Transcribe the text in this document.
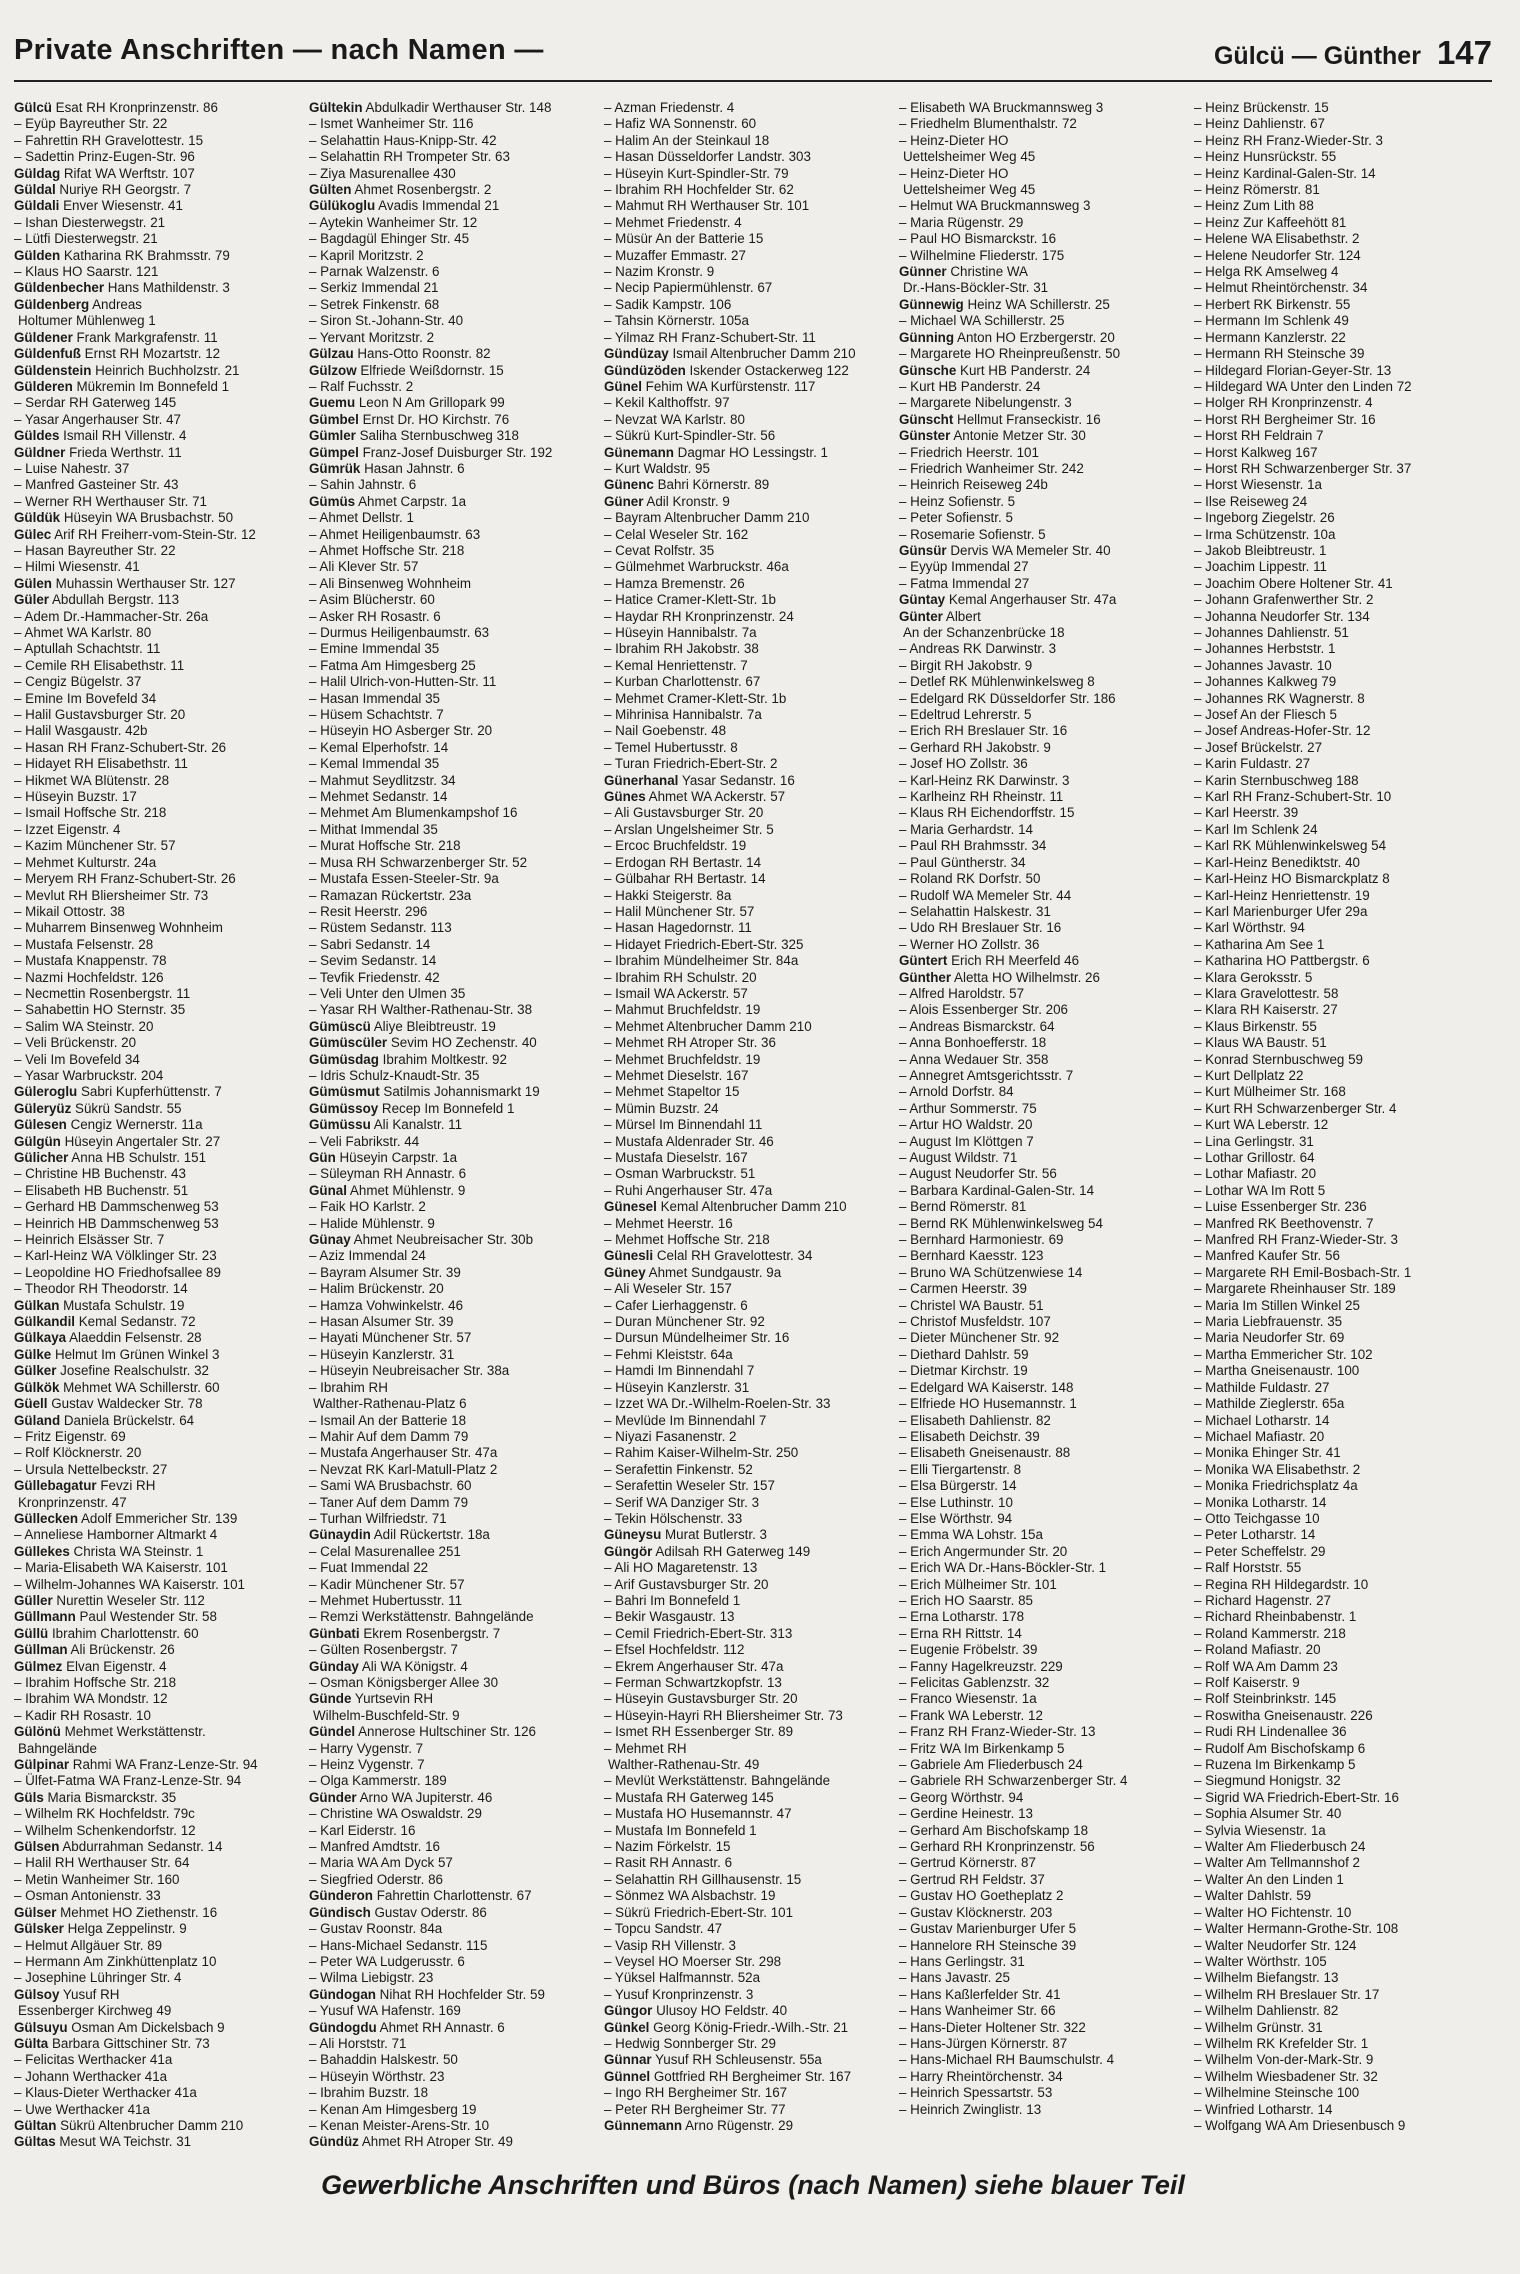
Private Anschriften — nach Namen —	Gülcü — Günther 147
Gülcü Esat RH Kronprinzenstr. 86
– Eyüp Bayreuther Str. 22
– Fahrettin RH Gravelottestr. 15
– Sadettin Prinz-Eugen-Str. 96
Güldag Rifat WA Werftstr. 107
Güldal Nuriye RH Georgstr. 7
Güldali Enver Wiesenstr. 41
– Ishan Diesterwegstr. 21
– Lütfi Diesterwegstr. 21
Gülden Katharina RK Brahmsstr. 79
– Klaus HO Saarstr. 121
Güldenbecher Hans Mathildenstr. 3
Güldenberg Andreas
Holtumer Mühlenweg 1
Güldener Frank Markgrafenstr. 11
Güldenfuß Ernst RH Mozartstr. 12
Güldenstein Heinrich Buchholzstr. 21
Gülderen Mükremin Im Bonnefeld 1
– Serdar RH Gaterweg 145
– Yasar Angerhauser Str. 47
Güldes Ismail RH Villenstr. 4
Güldner Frieda Werthstr. 11
– Luise Nahestr. 37
– Manfred Gasteiner Str. 43
– Werner RH Werthauser Str. 71
Güldük Hüseyin WA Brusbachstr. 50
Gülec Arif RH Freiherr-vom-Stein-Str. 12
– Hasan Bayreuther Str. 22
– Hilmi Wiesenstr. 41
Gülen Muhassin Werthauser Str. 127
Güler Abdullah Bergstr. 113
– Adem Dr.-Hammacher-Str. 26a
– Ahmet WA Karlstr. 80
– Aptullah Schachtstr. 11
– Cemile RH Elisabethstr. 11
– Cengiz Bügelstr. 37
– Emine Im Bovefeld 34
– Halil Gustavsburger Str. 20
– Halil Wasgaustr. 42b
– Hasan RH Franz-Schubert-Str. 26
– Hidayet RH Elisabethstr. 11
– Hikmet WA Blütenstr. 28
– Hüseyin Buzstr. 17
– Ismail Hoffsche Str. 218
– Izzet Eigenstr. 4
– Kazim Münchener Str. 57
– Mehmet Kulturstr. 24a
– Meryem RH Franz-Schubert-Str. 26
– Mevlut RH Bliersheimer Str. 73
– Mikail Ottostr. 38
– Muharrem Binsenweg Wohnheim
– Mustafa Felsenstr. 28
– Mustafa Knappenstr. 78
– Nazmi Hochfeldstr. 126
– Necmettin Rosenbergstr. 11
– Sahabettin HO Sternstr. 35
– Salim WA Steinstr. 20
– Veli Brückenstr. 20
– Veli Im Bovefeld 34
– Yasar Warbruckstr. 204
Güleroglu Sabri Kupferhüttenstr. 7
Güleryüz Sükrü Sandstr. 55
Gülesen Cengiz Wernerstr. 11a
Gülgün Hüseyin Angertaler Str. 27
Gülicher Anna HB Schulstr. 151
– Christine HB Buchenstr. 43
– Elisabeth HB Buchenstr. 51
– Gerhard HB Dammschenweg 53
– Heinrich HB Dammschenweg 53
– Heinrich Elsässer Str. 7
– Karl-Heinz WA Völklinger Str. 23
– Leopoldine HO Friedhofsallee 89
– Theodor RH Theodorstr. 14
Gülkan Mustafa Schulstr. 19
Gülkandil Kemal Sedanstr. 72
Gülkaya Alaeddin Felsenstr. 28
Gülke Helmut Im Grünen Winkel 3
Gülker Josefine Realschulstr. 32
Gülkök Mehmet WA Schillerstr. 60
Güell Gustav Waldecker Str. 78
Güland Daniela Brückelstr. 64
– Fritz Eigenstr. 69
– Rolf Klöcknerstr. 20
– Ursula Nettelbeckstr. 27
Güllebagatur Fevzi RH
Kronprinzenstr. 47
Güllecken Adolf Emmericher Str. 139
– Anneliese Hamborner Altmarkt 4
Güllekes Christa WA Steinstr. 1
– Maria-Elisabeth WA Kaiserstr. 101
– Wilhelm-Johannes WA Kaiserstr. 101
Güller Nurettin Weseler Str. 112
Güllmann Paul Westender Str. 58
Güllü Ibrahim Charlottenstr. 60
Güllman Ali Brückenstr. 26
Gülmez Elvan Eigenstr. 4
– Ibrahim Hoffsche Str. 218
– Ibrahim WA Mondstr. 12
– Kadir RH Rosastr. 10
Gülönü Mehmet Werkstättenstr.
Bahngelände
Gülpinar Rahmi WA Franz-Lenze-Str. 94
– Ülfet-Fatma WA Franz-Lenze-Str. 94
Güls Maria Bismarckstr. 35
– Wilhelm RK Hochfeldstr. 79c
– Wilhelm Schenkendorfstr. 12
Gülsen Abdurrahman Sedanstr. 14
– Halil RH Werthauser Str. 64
– Metin Wanheimer Str. 160
– Osman Antonienstr. 33
Gülser Mehmet HO Ziethenstr. 16
Gülsker Helga Zeppelinstr. 9
– Helmut Allgäuer Str. 89
– Hermann Am Zinkhüttenplatz 10
– Josephine Lühringer Str. 4
Gülsoy Yusuf RH
Essenberger Kirchweg 49
Gülsuyu Osman Am Dickelsbach 9
Gülta Barbara Gittschiner Str. 73
– Felicitas Werthacker 41a
– Johann Werthacker 41a
– Klaus-Dieter Werthacker 41a
– Uwe Werthacker 41a
Gültan Sükrü Altenbrucher Damm 210
Gültas Mesut WA Teichstr. 31
Gültekin Abdulkadir Werthauser Str. 148
– Ismet Wanheimer Str. 116
– Selahattin Haus-Knipp-Str. 42
– Selahattin RH Trompeter Str. 63
– Ziya Masurenallee 430
Gülten Ahmet Rosenbergstr. 2
Gülükoglu Avadis Immendal 21
– Aytekin Wanheimer Str. 12
– Bagdagül Ehinger Str. 45
– Kapril Moritzstr. 2
– Parnak Walzenstr. 6
– Serkiz Immendal 21
– Setrek Finkenstr. 68
– Siron St.-Johann-Str. 40
– Yervant Moritzstr. 2
Gülzau Hans-Otto Roonstr. 82
Gülzow Elfriede Weißdornstr. 15
– Ralf Fuchsstr. 2
Guemu Leon N Am Grillopark 99
Gümbel Ernst Dr. HO Kirchstr. 76
Gümler Saliha Sternbuschweg 318
Gümpel Franz-Josef Duisburger Str. 192
Gümrük Hasan Jahnstr. 6
– Sahin Jahnstr. 6
Gümüs Ahmet Carpstr. 1a
– Ahmet Dellstr. 1
– Ahmet Heiligenbaumstr. 63
– Ahmet Hoffsche Str. 218
– Ali Klever Str. 57
– Ali Binsenweg Wohnheim
– Asim Blücherstr. 60
– Asker RH Rosastr. 6
– Durmus Heiligenbaumstr. 63
– Emine Immendal 35
– Fatma Am Himgesberg 25
– Halil Ulrich-von-Hutten-Str. 11
– Hasan Immendal 35
– Hüsem Schachtstr. 7
– Hüseyin HO Asberger Str. 20
– Kemal Elperhofstr. 14
– Kemal Immendal 35
– Mahmut Seydlitzstr. 34
– Mehmet Sedanstr. 14
– Mehmet Am Blumenkampshof 16
– Mithat Immendal 35
– Murat Hoffsche Str. 218
– Musa RH Schwarzenberger Str. 52
– Mustafa Essen-Steeler-Str. 9a
– Ramazan Rückertstr. 23a
– Resit Heerstr. 296
– Rüstem Sedanstr. 113
– Sabri Sedanstr. 14
– Sevim Sedanstr. 14
– Tevfik Friedenstr. 42
– Veli Unter den Ulmen 35
– Yasar RH Walther-Rathenau-Str. 38
Gümüscü Aliye Bleibtreustr. 19
Gümüscüler Sevim HO Zechenstr. 40
Gümüsdag Ibrahim Moltkestr. 92
– Idris Schulz-Knaudt-Str. 35
Gümüsmut Satilmis Johannismarkt 19
Gümüssoy Recep Im Bonnefeld 1
Gümüssu Ali Kanalstr. 11
– Veli Fabrikstr. 44
Gün Hüseyin Carpstr. 1a
– Süleyman RH Annastr. 6
Günal Ahmet Mühlenstr. 9
– Faik HO Karlstr. 2
– Halide Mühlenstr. 9
Günay Ahmet Neubreisacher Str. 30b
– Aziz Immendal 24
– Bayram Alsumer Str. 39
– Halim Brückenstr. 20
– Hamza Vohwinkelstr. 46
– Hasan Alsumer Str. 39
– Hayati Münchener Str. 57
– Hüseyin Kanzlerstr. 31
– Hüseyin Neubreisacher Str. 38a
– Ibrahim RH
Walther-Rathenau-Platz 6
– Ismail An der Batterie 18
– Mahir Auf dem Damm 79
– Mustafa Angerhauser Str. 47a
– Nevzat RK Karl-Matull-Platz 2
– Sami WA Brusbachstr. 60
– Taner Auf dem Damm 79
– Turhan Wilfriedstr. 71
Günaydin Adil Rückertstr. 18a
– Celal Masurenallee 251
– Fuat Immendal 22
– Kadir Münchener Str. 57
– Mehmet Hubertusstr. 11
– Remzi Werkstättenstr. Bahngelände
Günbati Ekrem Rosenbergstr. 7
– Gülten Rosenbergstr. 7
Günday Ali WA Königstr. 4
– Osman Königsberger Allee 30
Günde Yurtsevin RH
Wilhelm-Buschfeld-Str. 9
Gündel Annerose Hultschiner Str. 126
– Harry Vygenstr. 7
– Heinz Vygenstr. 7
– Olga Kammerstr. 189
Günder Arno WA Jupiterstr. 46
– Christine WA Oswaldstr. 29
– Karl Eiderstr. 16
– Manfred Amdtstr. 16
– Maria WA Am Dyck 57
– Siegfried Oderstr. 86
Günderon Fahrettin Charlottenstr. 67
Gündisch Gustav Oderstr. 86
– Gustav Roonstr. 84a
– Hans-Michael Sedanstr. 115
– Peter WA Ludgerusstr. 6
– Wilma Liebigstr. 23
Gündogan Nihat RH Hochfelder Str. 59
– Yusuf WA Hafenstr. 169
Gündogdu Ahmet RH Annastr. 6
– Ali Horststr. 71
– Bahaddin Halskestr. 50
– Hüseyin Wörthstr. 23
– Ibrahim Buzstr. 18
– Kenan Am Himgesberg 19
– Kenan Meister-Arens-Str. 10
Gündüz Ahmet RH Atroper Str. 49
– Azman Friedenstr. 4
– Hafiz WA Sonnenstr. 60
– Halim An der Steinkaul 18
– Hasan Düsseldorfer Landstr. 303
– Hüseyin Kurt-Spindler-Str. 79
– Ibrahim RH Hochfelder Str. 62
– Mahmut RH Werthauser Str. 101
– Mehmet Friedenstr. 4
– Müsür An der Batterie 15
– Muzaffer Emmastr. 27
– Nazim Kronstr. 9
– Necip Papiermühlenstr. 67
– Sadik Kampstr. 106
– Tahsin Körnerstr. 105a
– Yilmaz RH Franz-Schubert-Str. 11
Gündüzay Ismail Altenbrucher Damm 210
Gündüzöden Iskender Ostackerweg 122
Günel Fehim WA Kurfürstenstr. 117
– Kekil Kalthoffstr. 97
– Nevzat WA Karlstr. 80
– Sükrü Kurt-Spindler-Str. 56
Günemann Dagmar HO Lessingstr. 1
– Kurt Waldstr. 95
Günenc Bahri Körnerstr. 89
Güner Adil Kronstr. 9
– Bayram Altenbrucher Damm 210
– Celal Weseler Str. 162
– Cevat Rolfstr. 35
– Gülmehmet Warbruckstr. 46a
– Hamza Bremenstr. 26
– Hatice Cramer-Klett-Str. 1b
– Haydar RH Kronprinzenstr. 24
– Hüseyin Hannibalstr. 7a
– Ibrahim RH Jakobstr. 38
– Kemal Henriettenstr. 7
– Kurban Charlottenstr. 67
– Mehmet Cramer-Klett-Str. 1b
– Mihrinisa Hannibalstr. 7a
– Nail Goebenstr. 48
– Temel Hubertusstr. 8
– Turan Friedrich-Ebert-Str. 2
Günerhanal Yasar Sedanstr. 16
Günes Ahmet WA Ackerstr. 57
– Ali Gustavsburger Str. 20
– Arslan Ungelsheimer Str. 5
– Ercoc Bruchfeldstr. 19
– Erdogan RH Bertastr. 14
– Gülbahar RH Bertastr. 14
– Hakki Steigerstr. 8a
– Halil Münchener Str. 57
– Hasan Hagedornstr. 11
– Hidayet Friedrich-Ebert-Str. 325
– Ibrahim Mündelheimer Str. 84a
– Ibrahim RH Schulstr. 20
– Ismail WA Ackerstr. 57
– Mahmut Bruchfeldstr. 19
– Mehmet Altenbrucher Damm 210
– Mehmet RH Atroper Str. 36
– Mehmet Bruchfeldstr. 19
– Mehmet Dieselstr. 167
– Mehmet Stapeltor 15
– Mümin Buzstr. 24
– Mürsel Im Binnendahl 11
– Mustafa Aldenrader Str. 46
– Mustafa Dieselstr. 167
– Osman Warbruckstr. 51
– Ruhi Angerhauser Str. 47a
Günesel Kemal Altenbrucher Damm 210
– Mehmet Heerstr. 16
– Mehmet Hoffsche Str. 218
Günesli Celal RH Gravelottestr. 34
Güney Ahmet Sundgaustr. 9a
– Ali Weseler Str. 157
– Cafer Lierhaggenstr. 6
– Duran Münchener Str. 92
– Dursun Mündelheimer Str. 16
– Fehmi Kleiststr. 64a
– Hamdi Im Binnendahl 7
– Hüseyin Kanzlerstr. 31
– Izzet WA Dr.-Wilhelm-Roelen-Str. 33
– Mevlüde Im Binnendahl 7
– Niyazi Fasanenstr. 2
– Rahim Kaiser-Wilhelm-Str. 250
– Serafettin Finkenstr. 52
– Serafettin Weseler Str. 157
– Serif WA Danziger Str. 3
– Tekin Hölschenstr. 33
Güneysu Murat Butlerstr. 3
Güngör Adilsah RH Gaterweg 149
– Ali HO Magaretenstr. 13
– Arif Gustavsburger Str. 20
– Bahri Im Bonnefeld 1
– Bekir Wasgaustr. 13
– Cemil Friedrich-Ebert-Str. 313
– Efsel Hochfeldstr. 112
– Ekrem Angerhauser Str. 47a
– Ferman Schwartzkopfstr. 13
– Hüseyin Gustavsburger Str. 20
– Hüseyin-Hayri RH Bliersheimer Str. 73
– Ismet RH Essenberger Str. 89
– Mehmet RH
Walther-Rathenau-Str. 49
– Mevlüt Werkstättenstr. Bahngelände
– Mustafa RH Gaterweg 145
– Mustafa HO Husemannstr. 47
– Mustafa Im Bonnefeld 1
– Nazim Förkelstr. 15
– Rasit RH Annastr. 6
– Selahattin RH Gillhausenstr. 15
– Sönmez WA Alsbachstr. 19
– Sükrü Friedrich-Ebert-Str. 101
– Topcu Sandstr. 47
– Vasip RH Villenstr. 3
– Veysel HO Moerser Str. 298
– Yüksel Halfmannstr. 52a
– Yusuf Kronprinzenstr. 3
Güngor Ulusoy HO Feldstr. 40
Günkel Georg König-Friedr.-Wilh.-Str. 21
– Hedwig Sonnberger Str. 29
Günnar Yusuf RH Schleusenstr. 55a
Günnel Gottfried RH Bergheimer Str. 167
– Ingo RH Bergheimer Str. 167
– Peter RH Bergheimer Str. 77
Günnemann Arno Rügenstr. 29
– Elisabeth WA Bruckmannsweg 3
– Friedhelm Blumenthalstr. 72
– Heinz-Dieter HO
Uettelsheimer Weg 45
– Heinz-Dieter HO
Uettelsheimer Weg 45
– Helmut WA Bruckmannsweg 3
– Maria Rügenstr. 29
– Paul HO Bismarckstr. 16
– Wilhelmine Fliederstr. 175
Günner Christine WA
Dr.-Hans-Böckler-Str. 31
Günnewig Heinz WA Schillerstr. 25
– Michael WA Schillerstr. 25
Günning Anton HO Erzbergerstr. 20
– Margarete HO Rheinpreußenstr. 50
Günsche Kurt HB Panderstr. 24
– Kurt HB Panderstr. 24
– Margarete Nibelungenstr. 3
Günscht Hellmut Franseckistr. 16
Günster Antonie Metzer Str. 30
– Friedrich Heerstr. 101
– Friedrich Wanheimer Str. 242
– Heinrich Reiseweg 24b
– Heinz Sofienstr. 5
– Peter Sofienstr. 5
– Rosemarie Sofienstr. 5
Günsür Dervis WA Memeler Str. 40
– Eyyüp Immendal 27
– Fatma Immendal 27
Güntay Kemal Angerhauser Str. 47a
Günter Albert
An der Schanzenbrücke 18
– Andreas RK Darwinstr. 3
– Birgit RH Jakobstr. 9
– Detlef RK Mühlenwinkelsweg 8
– Edelgard RK Düsseldorfer Str. 186
– Edeltrud Lehrerstr. 5
– Erich RH Breslauer Str. 16
– Gerhard RH Jakobstr. 9
– Josef HO Zollstr. 36
– Karl-Heinz RK Darwinstr. 3
– Karlheinz RH Rheinstr. 11
– Klaus RH Eichendorffstr. 15
– Maria Gerhardstr. 14
– Paul RH Brahmsstr. 34
– Paul Güntherstr. 34
– Roland RK Dorfstr. 50
– Rudolf WA Memeler Str. 44
– Selahattin Halskestr. 31
– Udo RH Breslauer Str. 16
– Werner HO Zollstr. 36
Güntert Erich RH Meerfeld 46
Günther Aletta HO Wilhelmstr. 26
– Alfred Haroldstr. 57
– Alois Essenberger Str. 206
– Andreas Bismarckstr. 64
– Anna Bonhoefferstr. 18
– Anna Wedauer Str. 358
– Annegret Amtsgerichtsstr. 7
– Arnold Dorfstr. 84
– Arthur Sommerstr. 75
– Artur HO Waldstr. 20
– August Im Klöttgen 7
– August Wildstr. 71
– August Neudorfer Str. 56
– Barbara Kardinal-Galen-Str. 14
– Bernd Römerstr. 81
– Bernd RK Mühlenwinkelsweg 54
– Bernhard Harmoniestr. 69
– Bernhard Kaesstr. 123
– Bruno WA Schützenwiese 14
– Carmen Heerstr. 39
– Christel WA Baustr. 51
– Christof Musfeldstr. 107
– Dieter Münchener Str. 92
– Diethard Dahlstr. 59
– Dietmar Kirchstr. 19
– Edelgard WA Kaiserstr. 148
– Elfriede HO Husemannstr. 1
– Elisabeth Dahlienstr. 82
– Elisabeth Deichstr. 39
– Elisabeth Gneisenaustr. 88
– Elli Tiergartenstr. 8
– Elsa Bürgerstr. 14
– Else Luthinstr. 10
– Else Wörthstr. 94
– Emma WA Lohstr. 15a
– Erich Angermunder Str. 20
– Erich WA Dr.-Hans-Böckler-Str. 1
– Erich Mülheimer Str. 101
– Erich HO Saarstr. 85
– Erna Lotharstr. 178
– Erna RH Rittstr. 14
– Eugenie Fröbelstr. 39
– Fanny Hagelkreuzstr. 229
– Felicitas Gablenzstr. 32
– Franco Wiesenstr. 1a
– Frank WA Leberstr. 12
– Franz RH Franz-Wieder-Str. 13
– Fritz WA Im Birkenkamp 5
– Gabriele Am Fliederbusch 24
– Gabriele RH Schwarzenberger Str. 4
– Georg Wörthstr. 94
– Gerdine Heinestr. 13
– Gerhard Am Bischofskamp 18
– Gerhard RH Kronprinzenstr. 56
– Gertrud Körnerstr. 87
– Gertrud RH Feldstr. 37
– Gustav HO Goetheplatz 2
– Gustav Klöcknerstr. 203
– Gustav Marienburger Ufer 5
– Hannelore RH Steinsche 39
– Hans Gerlingstr. 31
– Hans Javastr. 25
– Hans Kaßlerfelder Str. 41
– Hans Wanheimer Str. 66
– Hans-Dieter Holtener Str. 322
– Hans-Jürgen Körnerstr. 87
– Hans-Michael RH Baumschulstr. 4
– Harry Rheintörchenstr. 34
– Heinrich Spessartstr. 53
– Heinrich Zwinglistr. 13
– Heinz Brückenstr. 15
– Heinz Dahlienstr. 67
– Heinz RH Franz-Wieder-Str. 3
– Heinz Hunsrückstr. 55
– Heinz Kardinal-Galen-Str. 14
– Heinz Römerstr. 81
– Heinz Zum Lith 88
– Heinz Zur Kaffeehött 81
– Helene WA Elisabethstr. 2
– Helene Neudorfer Str. 124
– Helga RK Amselweg 4
– Helmut Rheintörchenstr. 34
– Herbert RK Birkenstr. 55
– Hermann Im Schlenk 49
– Hermann Kanzlerstr. 22
– Hermann RH Steinsche 39
– Hildegard Florian-Geyer-Str. 13
– Hildegard WA Unter den Linden 72
– Holger RH Kronprinzenstr. 4
– Horst RH Bergheimer Str. 16
– Horst RH Feldrain 7
– Horst Kalkweg 167
– Horst RH Schwarzenberger Str. 37
– Horst Wiesenstr. 1a
– Ilse Reiseweg 24
– Ingeborg Ziegelstr. 26
– Irma Schützenstr. 10a
– Jakob Bleibtreustr. 1
– Joachim Lippestr. 11
– Joachim Obere Holtener Str. 41
– Johann Grafenwerther Str. 2
– Johanna Neudorfer Str. 134
– Johannes Dahlienstr. 51
– Johannes Herbststr. 1
– Johannes Javastr. 10
– Johannes Kalkweg 79
– Johannes RK Wagnerstr. 8
– Josef An der Fliesch 5
– Josef Andreas-Hofer-Str. 12
– Josef Brückelstr. 27
– Karin Fuldastr. 27
– Karin Sternbuschweg 188
– Karl RH Franz-Schubert-Str. 10
– Karl Heerstr. 39
– Karl Im Schlenk 24
– Karl RK Mühlenwinkelsweg 54
– Karl-Heinz Benediktstr. 40
– Karl-Heinz HO Bismarckplatz 8
– Karl-Heinz Henriettenstr. 19
– Karl Marienburger Ufer 29a
– Karl Wörthstr. 94
– Katharina Am See 1
– Katharina HO Pattbergstr. 6
– Klara Geroksstr. 5
– Klara Gravelottestr. 58
– Klara RH Kaiserstr. 27
– Klaus Birkenstr. 55
– Klaus WA Baustr. 51
– Konrad Sternbuschweg 59
– Kurt Dellplatz 22
– Kurt Mülheimer Str. 168
– Kurt RH Schwarzenberger Str. 4
– Kurt WA Leberstr. 12
– Lina Gerlingstr. 31
– Lothar Grillostr. 64
– Lothar Mafiastr. 20
– Lothar WA Im Rott 5
– Luise Essenberger Str. 236
– Manfred RK Beethovenstr. 7
– Manfred RH Franz-Wieder-Str. 3
– Manfred Kaufer Str. 56
– Margarete RH Emil-Bosbach-Str. 1
– Margarete Rheinhauser Str. 189
– Maria Im Stillen Winkel 25
– Maria Liebfrauenstr. 35
– Maria Neudorfer Str. 69
– Martha Emmericher Str. 102
– Martha Gneisenaustr. 100
– Mathilde Fuldastr. 27
– Mathilde Zieglerstr. 65a
– Michael Lotharstr. 14
– Michael Mafiastr. 20
– Monika Ehinger Str. 41
– Monika WA Elisabethstr. 2
– Monika Friedrichsplatz 4a
– Monika Lotharstr. 14
– Otto Teichgasse 10
– Peter Lotharstr. 14
– Peter Scheffelstr. 29
– Ralf Horststr. 55
– Regina RH Hildegardstr. 10
– Richard Hagenstr. 27
– Richard Rheinbabenstr. 1
– Roland Kammerstr. 218
– Roland Mafiastr. 20
– Rolf WA Am Damm 23
– Rolf Kaiserstr. 9
– Rolf Steinbrinkstr. 145
– Roswitha Gneisenaustr. 226
– Rudi RH Lindenallee 36
– Rudolf Am Bischofskamp 6
– Ruzena Im Birkenkamp 5
– Siegmund Honigstr. 32
– Sigrid WA Friedrich-Ebert-Str. 16
– Sophia Alsumer Str. 40
– Sylvia Wiesenstr. 1a
– Walter Am Fliederbusch 24
– Walter Am Tellmannshof 2
– Walter An den Linden 1
– Walter Dahlstr. 59
– Walter HO Fichtenstr. 10
– Walter Hermann-Grothe-Str. 108
– Walter Neudorfer Str. 124
– Walter Wörthstr. 105
– Wilhelm Biefangstr. 13
– Wilhelm RH Breslauer Str. 17
– Wilhelm Dahlienstr. 82
– Wilhelm Grünstr. 31
– Wilhelm RK Krefelder Str. 1
– Wilhelm Von-der-Mark-Str. 9
– Wilhelm Wiesbadener Str. 32
– Wilhelmine Steinsche 100
– Winfried Lotharstr. 14
– Wolfgang WA Am Driesenbusch 9
Gewerbliche Anschriften und Büros (nach Namen) siehe blauer Teil
